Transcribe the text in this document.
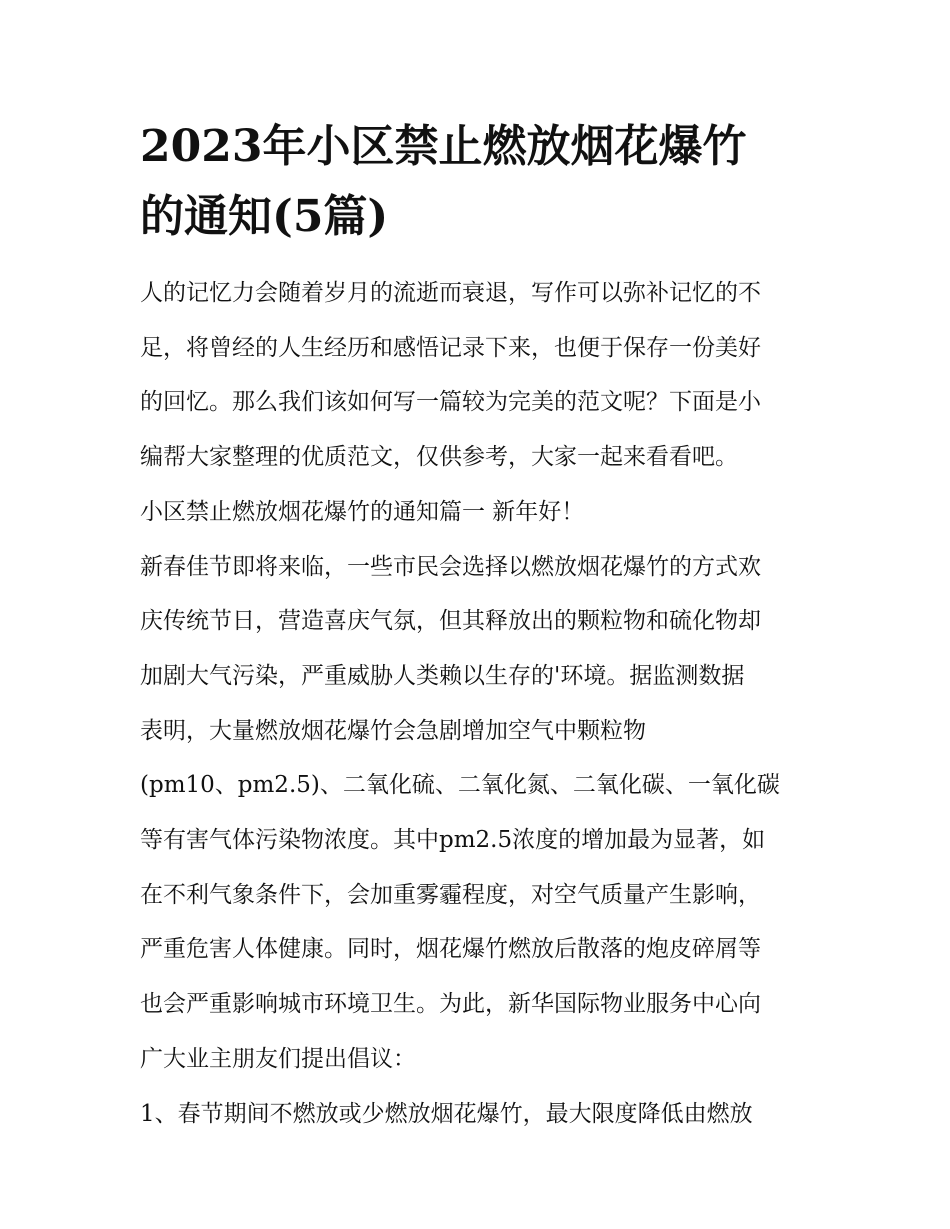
2023年小区禁止燃放烟花爆竹
的通知(5篇)

人的记忆力会随着岁月的流逝而衰退，写作可以弥补记忆的不
足，将曾经的人生经历和感悟记录下来，也便于保存一份美好
的回忆。那么我们该如何写一篇较为完美的范文呢？下面是小
编帮大家整理的优质范文，仅供参考，大家一起来看看吧。

小区禁止燃放烟花爆竹的通知篇一 新年好！

新春佳节即将来临，一些市民会选择以燃放烟花爆竹的方式欢
庆传统节日，营造喜庆气氛，但其释放出的颗粒物和硫化物却
加剧大气污染，严重威胁人类赖以生存的'环境。据监测数据
表明，大量燃放烟花爆竹会急剧增加空气中颗粒物
(pm10、pm2.5)、二氧化硫、二氧化氮、二氧化碳、一氧化碳
等有害气体污染物浓度。其中pm2.5浓度的增加最为显著，如
在不利气象条件下，会加重雾霾程度，对空气质量产生影响，
严重危害人体健康。同时，烟花爆竹燃放后散落的炮皮碎屑等
也会严重影响城市环境卫生。为此，新华国际物业服务中心向
广大业主朋友们提出倡议：

1、春节期间不燃放或少燃放烟花爆竹，最大限度降低由燃放
